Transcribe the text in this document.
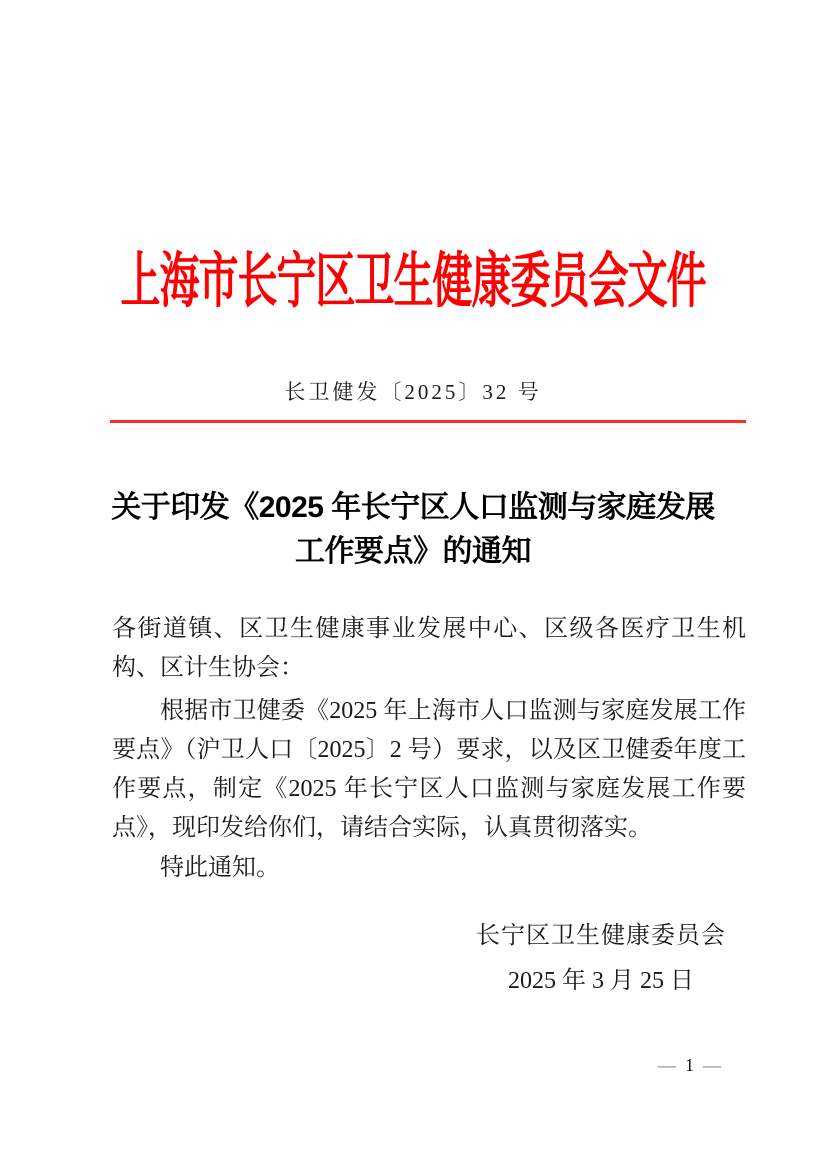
上海市长宁区卫生健康委员会文件
长卫健发〔2025〕32 号
关于印发《2025 年长宁区人口监测与家庭发展
工作要点》的通知
各街道镇、区卫生健康事业发展中心、区级各医疗卫生机构、区计生协会：
根据市卫健委《2025 年上海市人口监测与家庭发展工作要点》（沪卫人口〔2025〕2 号）要求，以及区卫健委年度工作要点，制定《2025 年长宁区人口监测与家庭发展工作要点》，现印发给你们，请结合实际，认真贯彻落实。
特此通知。
长宁区卫生健康委员会
2025 年 3 月 25 日
— 1 —
